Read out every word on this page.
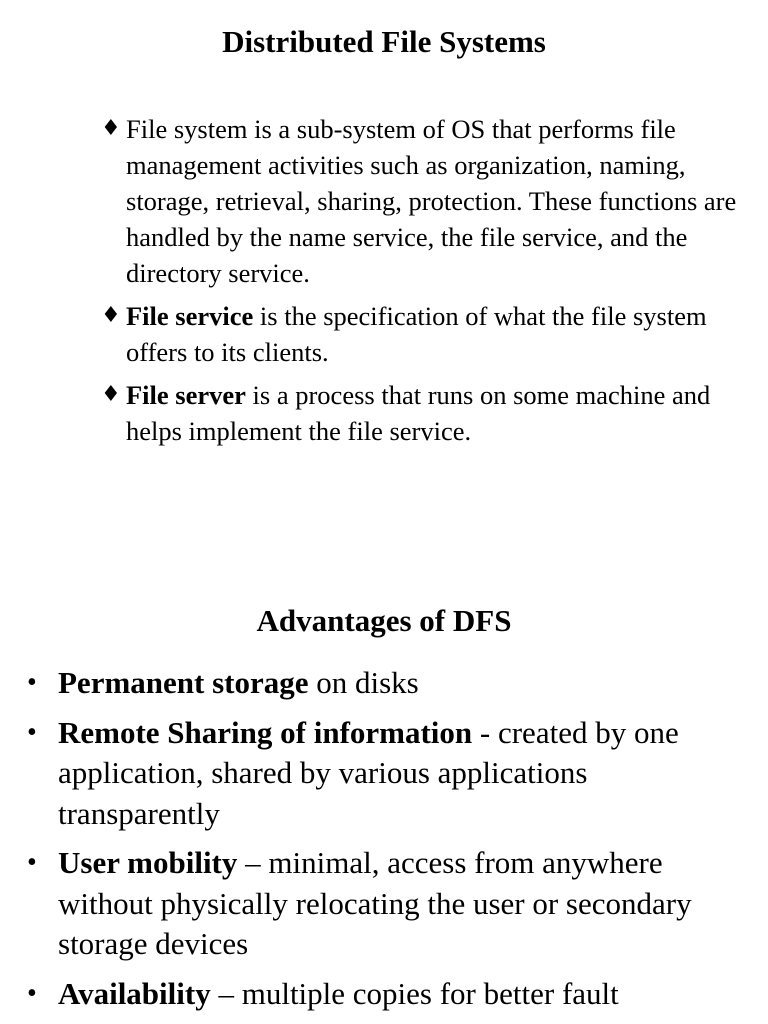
Distributed File Systems
♦ File system is a sub-system of OS that performs file management activities such as organization, naming, storage, retrieval, sharing, protection. These functions are handled by the name service, the file service, and the directory service.
♦ File service is the specification of what the file system offers to its clients.
♦ File server is a process that runs on some machine and helps implement the file service.
Advantages of DFS
• Permanent storage on disks
• Remote Sharing of information - created by one application, shared by various applications transparently
• User mobility – minimal, access from anywhere without physically relocating the user or secondary storage devices
• Availability – multiple copies for better fault
